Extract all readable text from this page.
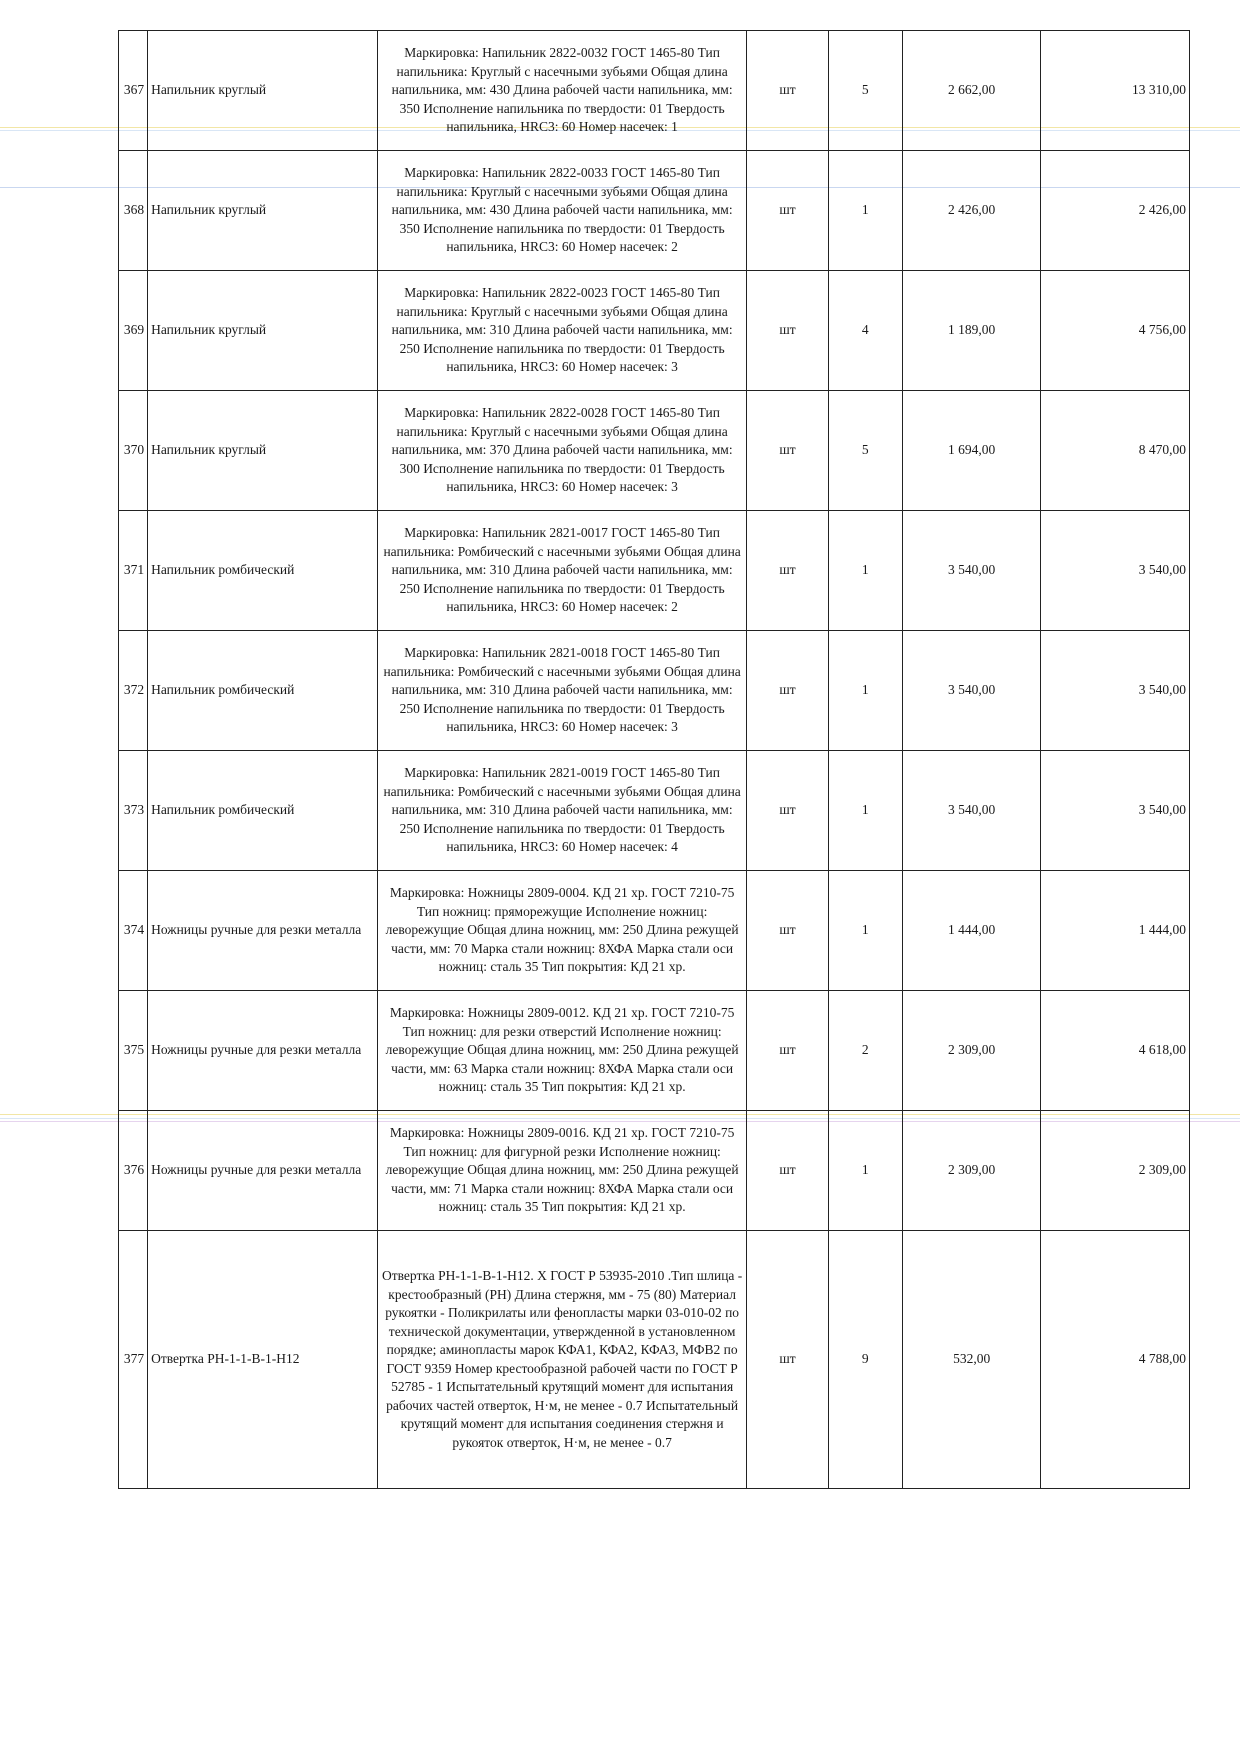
367	Напильник круглый	Маркировка: Напильник 2822-0032 ГОСТ 1465-80 Тип напильника: Круглый с насечными зубьями Общая длина напильника, мм: 430 Длина рабочей части напильника, мм: 350 Исполнение напильника по твердости: 01 Твердость напильника, HRC3: 60 Номер насечек: 1	шт	5	2 662,00	13 310,00
368	Напильник круглый	Маркировка: Напильник 2822-0033 ГОСТ 1465-80 Тип напильника: Круглый с насечными зубьями Общая длина напильника, мм: 430 Длина рабочей части напильника, мм: 350 Исполнение напильника по твердости: 01 Твердость напильника, HRC3: 60 Номер насечек: 2	шт	1	2 426,00	2 426,00
369	Напильник круглый	Маркировка: Напильник 2822-0023 ГОСТ 1465-80 Тип напильника: Круглый с насечными зубьями Общая длина напильника, мм: 310 Длина рабочей части напильника, мм: 250 Исполнение напильника по твердости: 01 Твердость напильника, HRC3: 60 Номер насечек: 3	шт	4	1 189,00	4 756,00
370	Напильник круглый	Маркировка: Напильник 2822-0028 ГОСТ 1465-80 Тип напильника: Круглый с насечными зубьями Общая длина напильника, мм: 370 Длина рабочей части напильника, мм: 300 Исполнение напильника по твердости: 01 Твердость напильника, HRC3: 60 Номер насечек: 3	шт	5	1 694,00	8 470,00
371	Напильник ромбический	Маркировка: Напильник 2821-0017 ГОСТ 1465-80 Тип напильника: Ромбический с насечными зубьями Общая длина напильника, мм: 310 Длина рабочей части напильника, мм: 250 Исполнение напильника по твердости: 01 Твердость напильника, HRC3: 60 Номер насечек: 2	шт	1	3 540,00	3 540,00
372	Напильник ромбический	Маркировка: Напильник 2821-0018 ГОСТ 1465-80 Тип напильника: Ромбический с насечными зубьями Общая длина напильника, мм: 310 Длина рабочей части напильника, мм: 250 Исполнение напильника по твердости: 01 Твердость напильника, HRC3: 60 Номер насечек: 3	шт	1	3 540,00	3 540,00
373	Напильник ромбический	Маркировка: Напильник 2821-0019 ГОСТ 1465-80 Тип напильника: Ромбический с насечными зубьями Общая длина напильника, мм: 310 Длина рабочей части напильника, мм: 250 Исполнение напильника по твердости: 01 Твердость напильника, HRC3: 60 Номер насечек: 4	шт	1	3 540,00	3 540,00
374	Ножницы ручные для резки металла	Маркировка: Ножницы 2809-0004. КД 21 хр. ГОСТ 7210-75 Тип ножниц: пряморежущие Исполнение ножниц: леворежущие Общая длина ножниц, мм: 250 Длина режущей части, мм: 70 Марка стали ножниц: 8ХФА Марка стали оси ножниц: сталь 35 Тип покрытия: КД 21 хр.	шт	1	1 444,00	1 444,00
375	Ножницы ручные для резки металла	Маркировка: Ножницы 2809-0012. КД 21 хр. ГОСТ 7210-75 Тип ножниц: для резки отверстий Исполнение ножниц: леворежущие Общая длина ножниц, мм: 250 Длина режущей части, мм: 63 Марка стали ножниц: 8ХФА Марка стали оси ножниц: сталь 35 Тип покрытия: КД 21 хр.	шт	2	2 309,00	4 618,00
376	Ножницы ручные для резки металла	Маркировка: Ножницы 2809-0016. КД 21 хр. ГОСТ 7210-75 Тип ножниц: для фигурной резки Исполнение ножниц: леворежущие Общая длина ножниц, мм: 250 Длина режущей части, мм: 71 Марка стали ножниц: 8ХФА Марка стали оси ножниц: сталь 35 Тип покрытия: КД 21 хр.	шт	1	2 309,00	2 309,00
377	Отвертка PH-1-1-B-1-H12	Отвертка PH-1-1-B-1-H12. X ГОСТ Р 53935-2010 .Тип шлица - крестообразный (PH) Длина стержня, мм - 75 (80) Материал рукоятки - Поликрилаты или фенопласты марки 03-010-02 по технической документации, утвержденной в установленном порядке; аминопласты марок КФА1, КФА2, КФА3, МФВ2 по ГОСТ 9359 Номер крестообразной рабочей части по ГОСТ Р 52785 - 1 Испытательный крутящий момент для испытания рабочих частей отверток, Н·м, не менее - 0.7 Испытательный крутящий момент для испытания соединения стержня и рукояток отверток, Н·м, не менее - 0.7	шт	9	532,00	4 788,00
